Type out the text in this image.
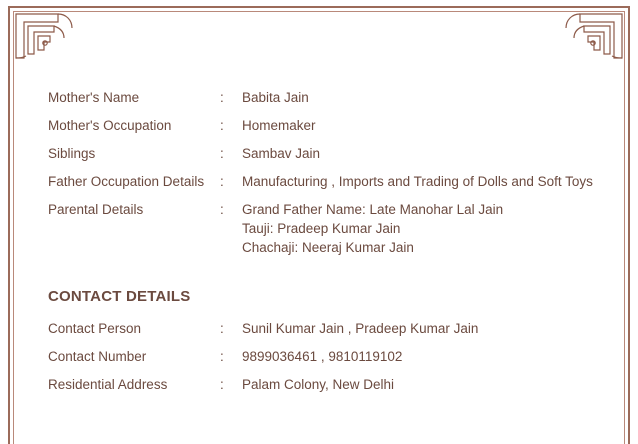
Mother's Name	:	Babita Jain

Mother's Occupation	:	Homemaker

Siblings	:	Sambav Jain

Father Occupation Details	:	Manufacturing , Imports and Trading of Dolls and Soft Toys

Parental Details	:	Grand Father Name: Late Manohar Lal Jain
Tauji: Pradeep Kumar Jain
Chachaji: Neeraj Kumar Jain
CONTACT DETAILS
Contact Person	:	Sunil Kumar Jain , Pradeep Kumar Jain

Contact Number	:	9899036461 , 9810119102

Residential Address	:	Palam Colony, New Delhi
